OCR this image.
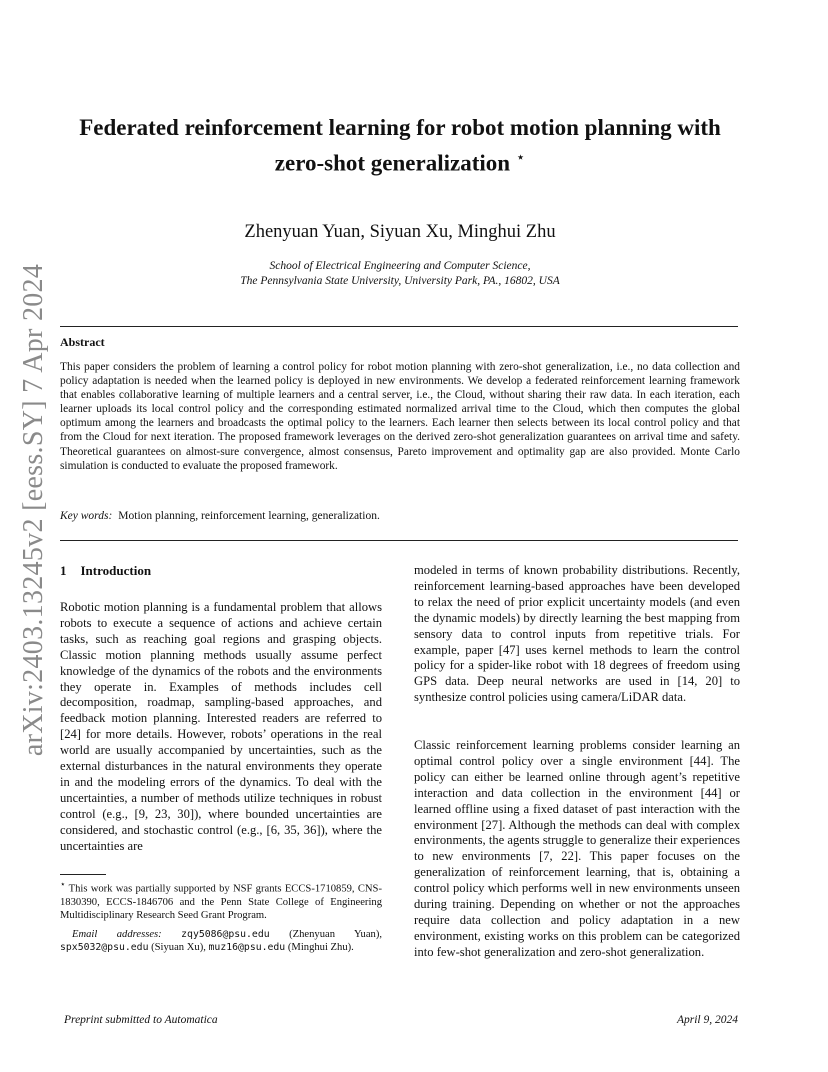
arXiv:2403.13245v2 [eess.SY] 7 Apr 2024
Federated reinforcement learning for robot motion planning with zero-shot generalization ⋆
Zhenyuan Yuan, Siyuan Xu, Minghui Zhu
School of Electrical Engineering and Computer Science,
The Pennsylvania State University, University Park, PA., 16802, USA
Abstract
This paper considers the problem of learning a control policy for robot motion planning with zero-shot generalization, i.e., no data collection and policy adaptation is needed when the learned policy is deployed in new environments. We develop a federated reinforcement learning framework that enables collaborative learning of multiple learners and a central server, i.e., the Cloud, without sharing their raw data. In each iteration, each learner uploads its local control policy and the corresponding estimated normalized arrival time to the Cloud, which then computes the global optimum among the learners and broadcasts the optimal policy to the learners. Each learner then selects between its local control policy and that from the Cloud for next iteration. The proposed framework leverages on the derived zero-shot generalization guarantees on arrival time and safety. Theoretical guarantees on almost-sure convergence, almost consensus, Pareto improvement and optimality gap are also provided. Monte Carlo simulation is conducted to evaluate the proposed framework.
Key words: Motion planning, reinforcement learning, generalization.
1 Introduction

Robotic motion planning is a fundamental problem that allows robots to execute a sequence of actions and achieve certain tasks, such as reaching goal regions and grasping objects. Classic motion planning methods usually assume perfect knowledge of the dynamics of the robots and the environments they operate in. Examples of methods includes cell decomposition, roadmap, sampling-based approaches, and feedback motion planning. Interested readers are referred to [24] for more details. However, robots’ operations in the real world are usually accompanied by uncertainties, such as the external disturbances in the natural environments they operate in and the modeling errors of the dynamics. To deal with the uncertainties, a number of methods utilize techniques in robust control (e.g., [9, 23, 30]), where bounded uncertainties are considered, and stochastic control (e.g., [6, 35, 36]), where the uncertainties are

modeled in terms of known probability distributions. Recently, reinforcement learning-based approaches have been developed to relax the need of prior explicit uncertainty models (and even the dynamic models) by directly learning the best mapping from sensory data to control inputs from repetitive trials. For example, paper [47] uses kernel methods to learn the control policy for a spider-like robot with 18 degrees of freedom using GPS data. Deep neural networks are used in [14, 20] to synthesize control policies using camera/LiDAR data.

Classic reinforcement learning problems consider learning an optimal control policy over a single environment [44]. The policy can either be learned online through agent’s repetitive interaction and data collection in the environment [44] or learned offline using a fixed dataset of past interaction with the environment [27]. Although the methods can deal with complex environments, the agents struggle to generalize their experiences to new environments [7, 22]. This paper focuses on the generalization of reinforcement learning, that is, obtaining a control policy which performs well in new environments unseen during training. Depending on whether or not the approaches require data collection and policy adaptation in a new environment, existing works on this problem can be categorized into few-shot generalization and zero-shot generalization.

⋆ This work was partially supported by NSF grants ECCS-1710859, CNS-1830390, ECCS-1846706 and the Penn State College of Engineering Multidisciplinary Research Seed Grant Program.

Email addresses: zqy5086@psu.edu (Zhenyuan Yuan), spx5032@psu.edu (Siyuan Xu), muz16@psu.edu (Minghui Zhu).

Preprint submitted to Automatica	April 9, 2024
